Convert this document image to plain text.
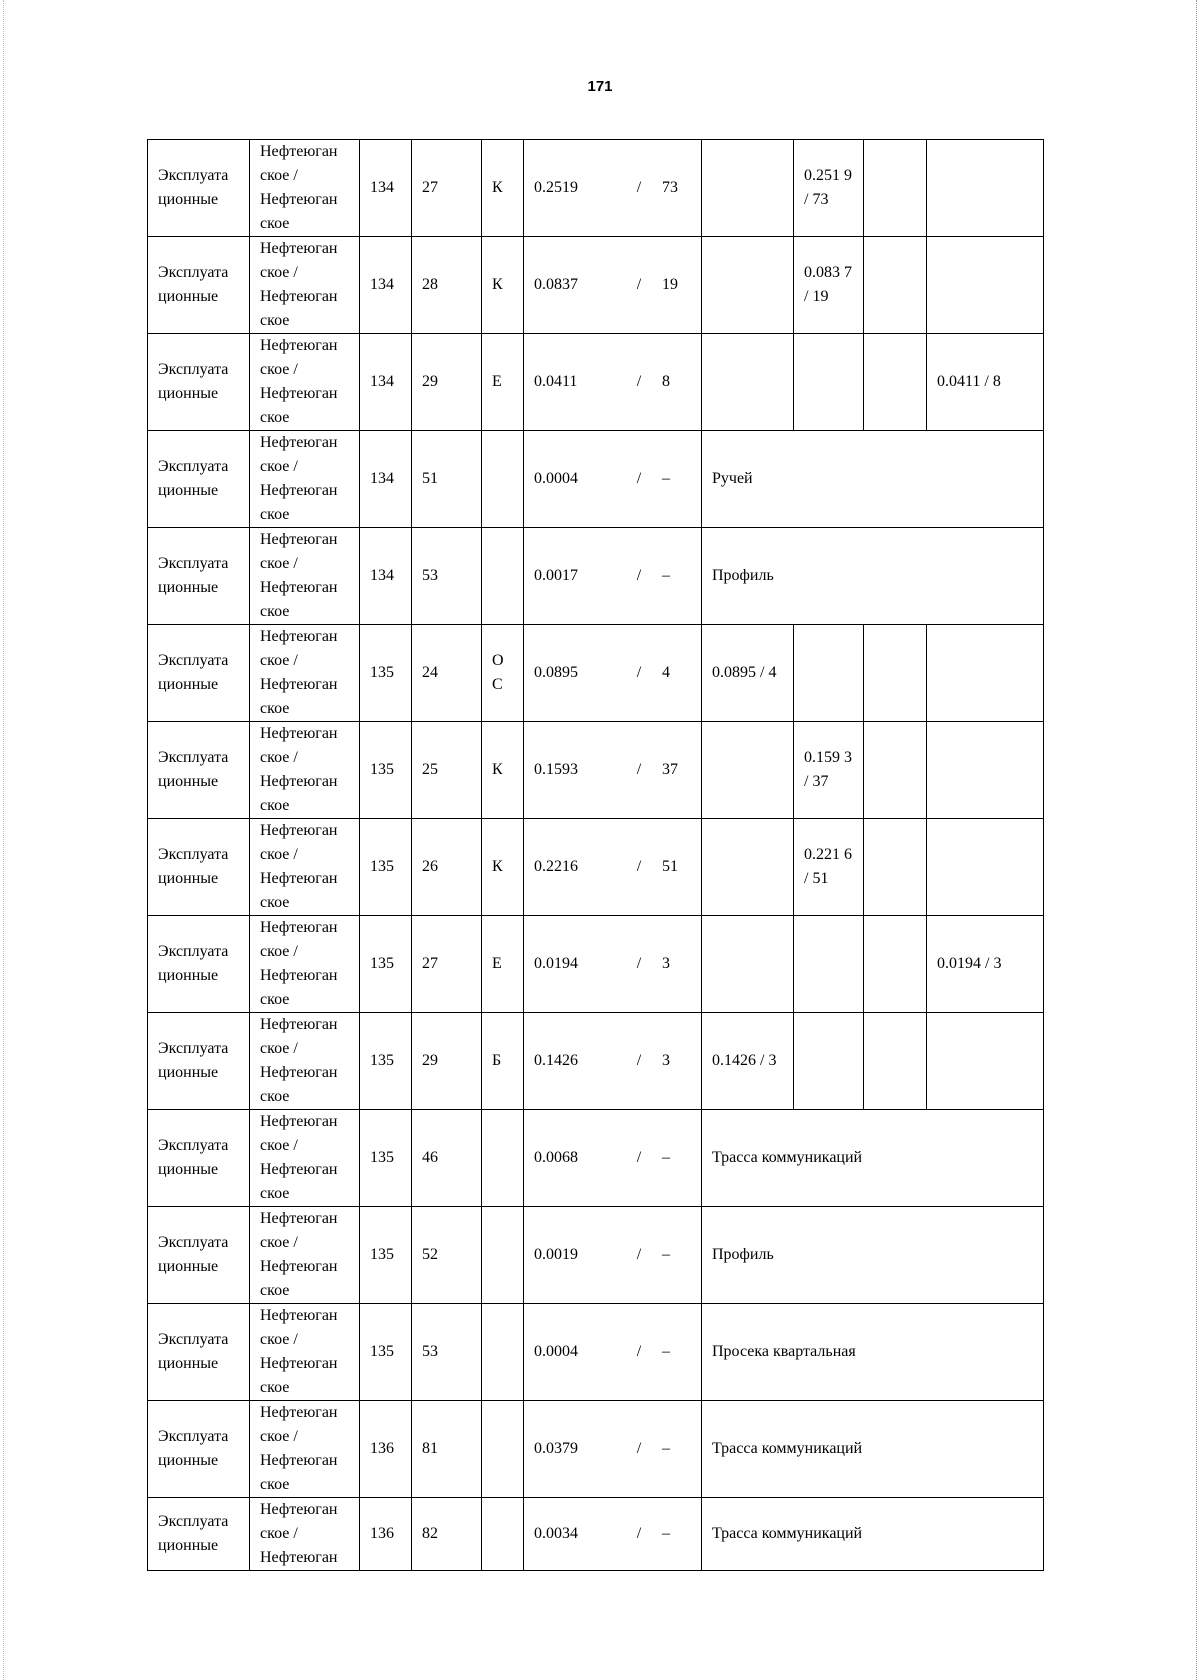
171
Эксплуата ционные	Нефтеюган ское / Нефтеюган ское	134	27	К	0.2519 / 73		0.251 9 / 73		
Эксплуата ционные	Нефтеюган ское / Нефтеюган ское	134	28	К	0.0837 / 19		0.083 7 / 19		
Эксплуата ционные	Нефтеюган ское / Нефтеюган ское	134	29	Е	0.0411 / 8				0.0411 / 8
Эксплуата ционные	Нефтеюган ское / Нефтеюган ское	134	51		0.0004 / –	Ручей			
Эксплуата ционные	Нефтеюган ское / Нефтеюган ское	134	53		0.0017 / –	Профиль			
Эксплуата ционные	Нефтеюган ское / Нефтеюган ское	135	24	О С	0.0895 / 4	0.0895 / 4			
Эксплуата ционные	Нефтеюган ское / Нефтеюган ское	135	25	К	0.1593 / 37		0.159 3 / 37		
Эксплуата ционные	Нефтеюган ское / Нефтеюган ское	135	26	К	0.2216 / 51		0.221 6 / 51		
Эксплуата ционные	Нефтеюган ское / Нефтеюган ское	135	27	Е	0.0194 / 3				0.0194 / 3
Эксплуата ционные	Нефтеюган ское / Нефтеюган ское	135	29	Б	0.1426 / 3	0.1426 / 3			
Эксплуата ционные	Нефтеюган ское / Нефтеюган ское	135	46		0.0068 / –	Трасса коммуникаций			
Эксплуата ционные	Нефтеюган ское / Нефтеюган ское	135	52		0.0019 / –	Профиль			
Эксплуата ционные	Нефтеюган ское / Нефтеюган ское	135	53		0.0004 / –	Просека квартальная			
Эксплуата ционные	Нефтеюган ское / Нефтеюган ское	136	81		0.0379 / –	Трасса коммуникаций			
Эксплуата ционные	Нефтеюган ское / Нефтеюган	136	82		0.0034 / –	Трасса коммуникаций			
